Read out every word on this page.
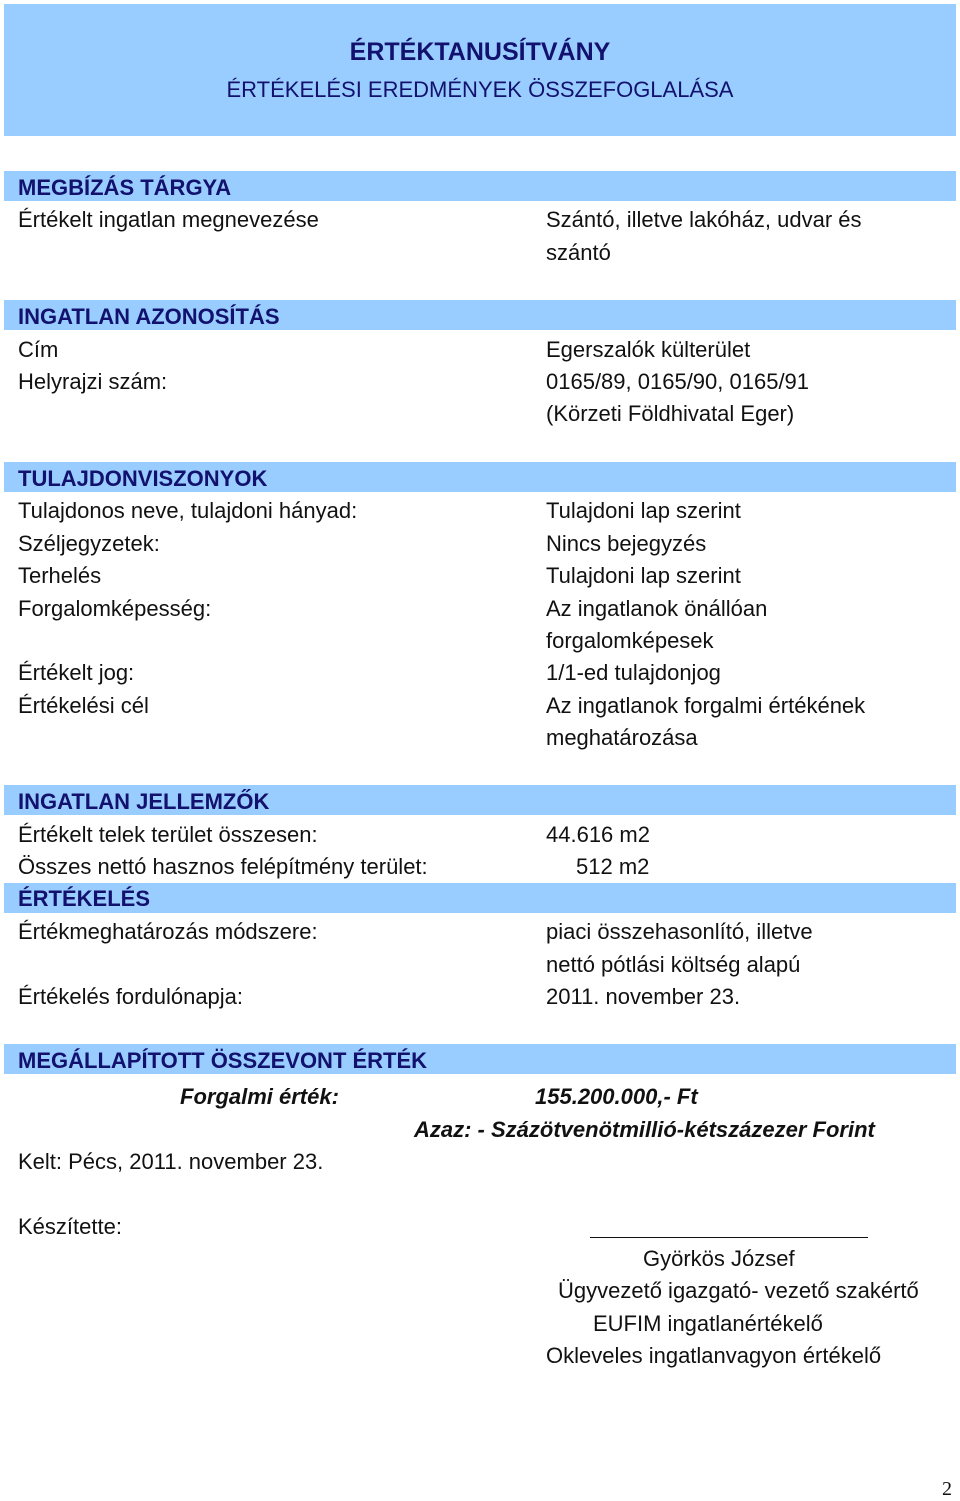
ÉRTÉKTANUSÍTVÁNY
ÉRTÉKELÉSI EREDMÉNYEK ÖSSZEFOGLALÁSA
MEGBÍZÁS TÁRGYA
Értékelt ingatlan megnevezése	Szántó, illetve lakóház, udvar és
szántó
INGATLAN AZONOSÍTÁS
Cím	Egerszalók külterület
Helyrajzi szám:	0165/89, 0165/90, 0165/91
(Körzeti Földhivatal Eger)
TULAJDONVISZONYOK
Tulajdonos neve, tulajdoni hányad:	Tulajdoni lap szerint
Széljegyzetek:	Nincs bejegyzés
Terhelés	Tulajdoni lap szerint
Forgalomképesség:	Az ingatlanok önállóan
forgalomképesek
Értékelt jog:	1/1-ed tulajdonjog
Értékelési cél	Az ingatlanok forgalmi értékének
meghatározása
INGATLAN JELLEMZŐK
Értékelt telek terület összesen:	44.616 m2
Összes nettó hasznos felépítmény terület:	512 m2
ÉRTÉKELÉS
Értékmeghatározás módszere:	piaci összehasonlító, illetve
nettó pótlási költség alapú
Értékelés fordulónapja:	2011. november 23.
MEGÁLLAPÍTOTT ÖSSZEVONT ÉRTÉK
Forgalmi érték:	155.200.000,- Ft
Azaz: - Százötvenötmillió-kétszázezer Forint
Kelt: Pécs, 2011. november 23.
Készítette:
Györkös József
Ügyvezető igazgató- vezető szakértő
EUFIM ingatlanértékelő
Okleveles ingatlanvagyon értékelő
2
